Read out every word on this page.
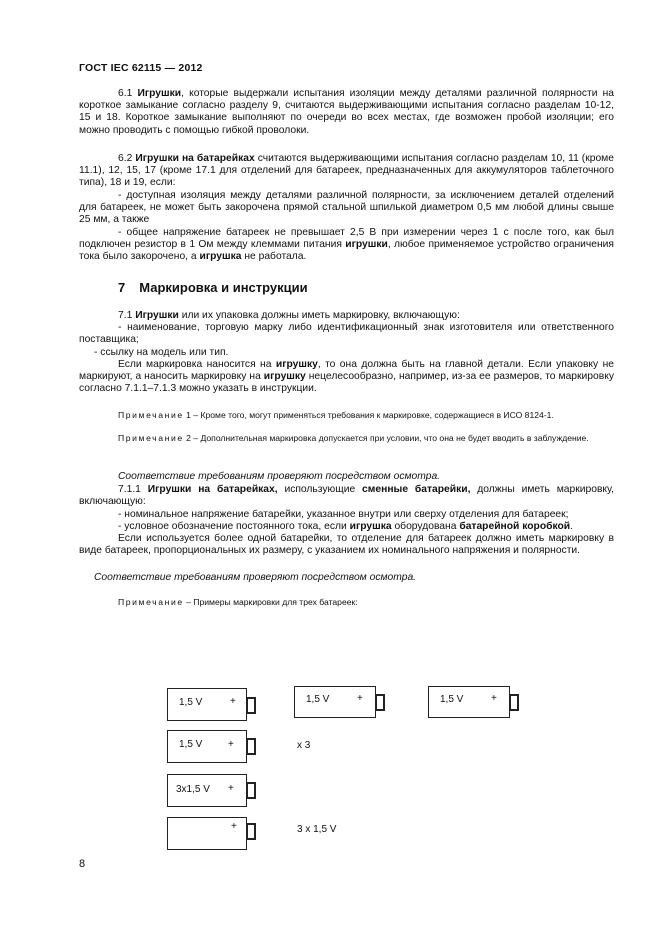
ГОСТ IEC 62115 — 2012
6.1 Игрушки, которые выдержали испытания изоляции между деталями различной полярности на короткое замыкание согласно разделу 9, считаются выдерживающими испытания согласно разделам 10-12, 15 и 18. Короткое замыкание выполняют по очереди во всех местах, где возможен пробой изоляции; его можно проводить с помощью гибкой проволоки.
6.2 Игрушки на батарейках считаются выдерживающими испытания согласно разделам 10, 11 (кроме 11.1), 12, 15, 17 (кроме 17.1 для отделений для батареек, предназначенных для аккумуляторов таблеточного типа), 18 и 19, если:
- доступная изоляция между деталями различной полярности, за исключением деталей отделений для батареек, не может быть закорочена прямой стальной шпилькой диаметром 0,5 мм любой длины свыше 25 мм, а также
- общее напряжение батареек не превышает 2,5 В при измерении через 1 с после того, как был подключен резистор в 1 Ом между клеммами питания игрушки, любое применяемое устройство ограничения тока было закорочено, а игрушка не работала.
7 Маркировка и инструкции
7.1 Игрушки или их упаковка должны иметь маркировку, включающую:
- наименование, торговую марку либо идентификационный знак изготовителя или ответственного поставщика;
- ссылку на модель или тип.
Если маркировка наносится на игрушку, то она должна быть на главной детали. Если упаковку не маркируют, а наносить маркировку на игрушку нецелесообразно, например, из-за ее размеров, то маркировку согласно 7.1.1–7.1.3 можно указать в инструкции.
Примечание 1 – Кроме того, могут применяться требования к маркировке, содержащиеся в ИСО 8124-1.
Примечание 2 – Дополнительная маркировка допускается при условии, что она не будет вводить в заблуждение.
Соответствие требованиям проверяют посредством осмотра.
7.1.1 Игрушки на батарейках, использующие сменные батарейки, должны иметь маркировку, включающую:
- номинальное напряжение батарейки, указанное внутри или сверху отделения для батареек;
- условное обозначение постоянного тока, если игрушка оборудована батарейной коробкой.
Если используется более одной батарейки, то отделение для батареек должно иметь маркировку в виде батареек, пропорциональных их размеру, с указанием их номинального напряжения и полярности.
Соответствие требованиям проверяют посредством осмотра.
Примечание – Примеры маркировки для трех батареек:
1,5 V	+	1,5 V	+	1,5 V	+
1,5 V	+	x 3
3x1,5 V +
+	3 x 1,5 V
8
